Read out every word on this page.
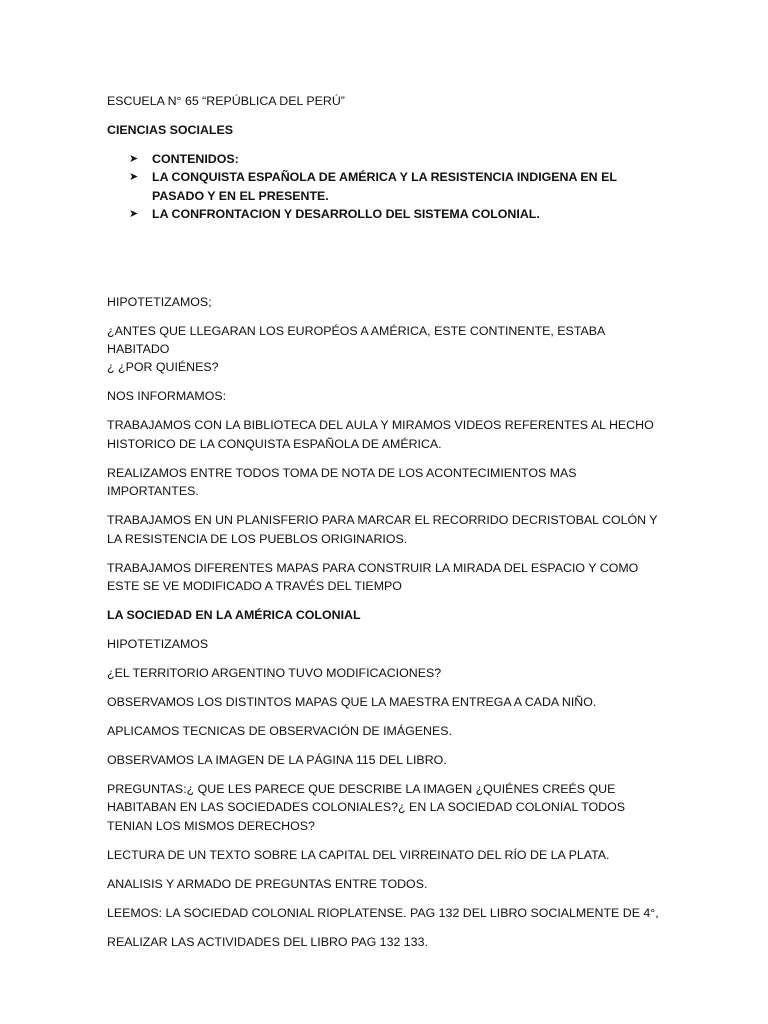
ESCUELA N° 65 “REPÚBLICA DEL PERÚ”

CIENCIAS SOCIALES

➤ CONTENIDOS:
➤ LA CONQUISTA ESPAÑOLA DE AMÉRICA Y LA RESISTENCIA INDIGENA EN EL PASADO Y EN EL PRESENTE.
➤ LA CONFRONTACION Y DESARROLLO DEL SISTEMA COLONIAL.

HIPOTETIZAMOS;

¿ANTES QUE LLEGARAN LOS EUROPÉOS A AMÉRICA, ESTE CONTINENTE, ESTABA HABITADO
¿ ¿POR QUIÉNES?

NOS INFORMAMOS:

TRABAJAMOS CON LA BIBLIOTECA DEL AULA Y MIRAMOS VIDEOS REFERENTES AL HECHO HISTORICO DE LA CONQUISTA ESPAÑOLA DE AMÉRICA.

REALIZAMOS ENTRE TODOS TOMA DE NOTA DE LOS ACONTECIMIENTOS MAS IMPORTANTES.

TRABAJAMOS EN UN PLANISFERIO PARA MARCAR EL RECORRIDO DECRISTOBAL COLÓN Y LA RESISTENCIA DE LOS PUEBLOS ORIGINARIOS.

TRABAJAMOS DIFERENTES MAPAS PARA CONSTRUIR LA MIRADA DEL ESPACIO Y COMO ESTE SE VE MODIFICADO A TRAVÉS DEL TIEMPO

LA SOCIEDAD EN LA AMÉRICA COLONIAL

HIPOTETIZAMOS

¿EL TERRITORIO ARGENTINO TUVO MODIFICACIONES?

OBSERVAMOS LOS DISTINTOS MAPAS QUE LA MAESTRA ENTREGA A CADA NIÑO.

APLICAMOS TECNICAS DE OBSERVACIÓN DE IMÁGENES.

OBSERVAMOS LA IMAGEN DE LA PÁGINA 115 DEL LIBRO.

PREGUNTAS:¿ QUE LES PARECE QUE DESCRIBE LA IMAGEN ¿QUIÉNES CREÉS QUE HABITABAN EN LAS SOCIEDADES COLONIALES?¿ EN LA SOCIEDAD COLONIAL TODOS TENIAN LOS MISMOS DERECHOS?

LECTURA DE UN TEXTO SOBRE LA CAPITAL DEL VIRREINATO DEL RÍO DE LA PLATA.

ANALISIS Y ARMADO DE PREGUNTAS ENTRE TODOS.

LEEMOS: LA SOCIEDAD COLONIAL RIOPLATENSE. PAG 132 DEL LIBRO SOCIALMENTE DE 4°,

REALIZAR LAS ACTIVIDADES DEL LIBRO PAG 132 133.
